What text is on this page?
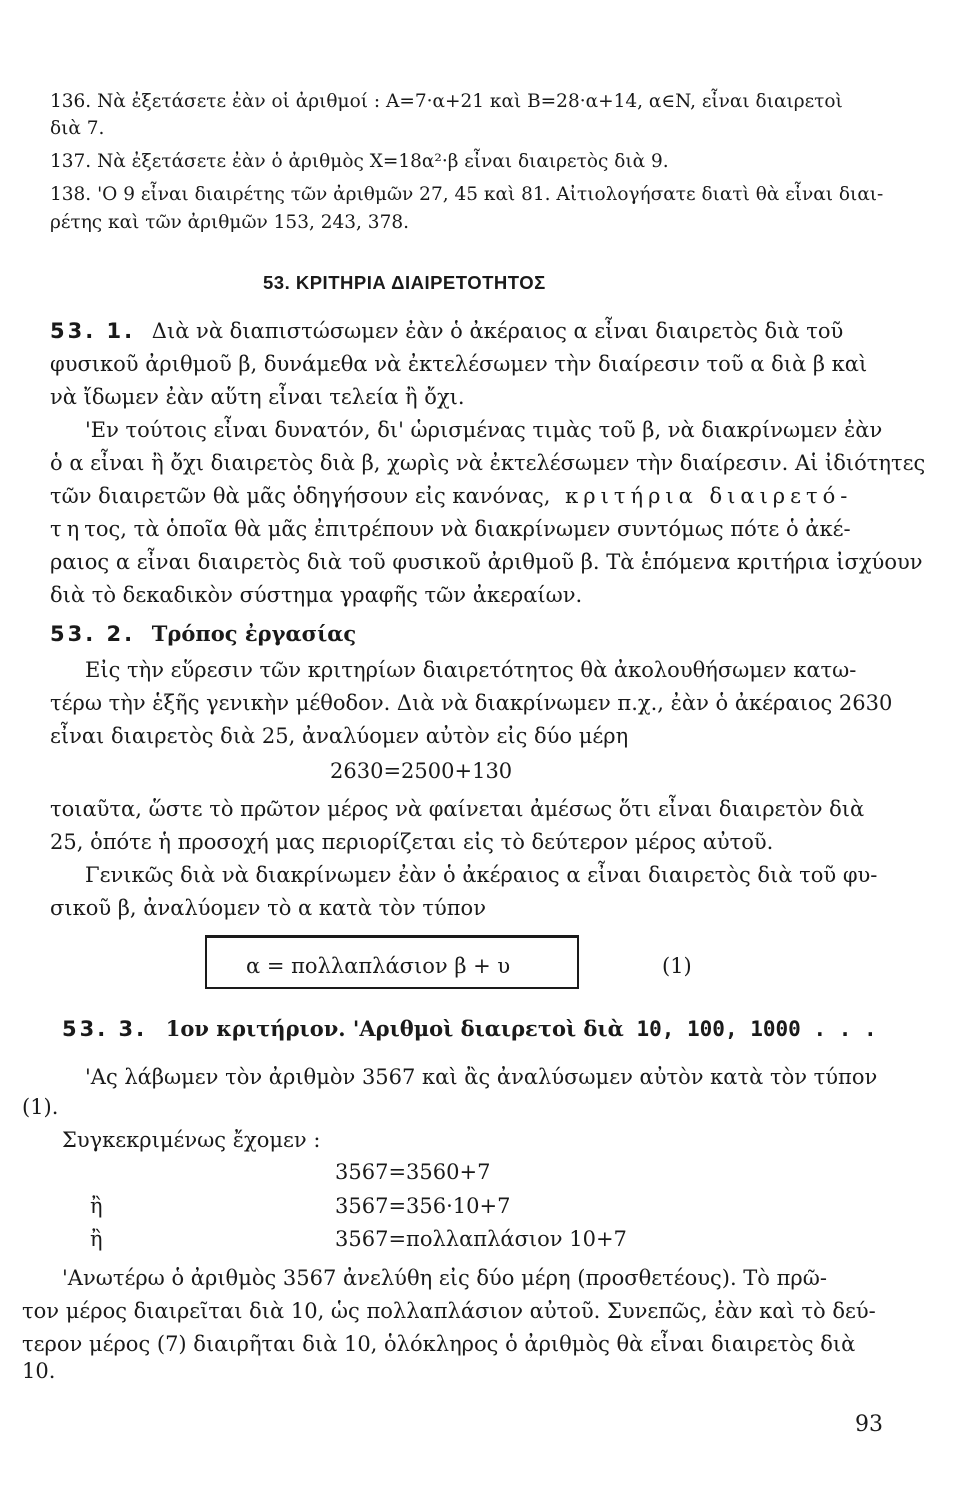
136. Νὰ ἐξετάσετε ἐὰν οἱ ἀριθμοί : A=7·α+21 καὶ B=28·α+14, α∈N, εἶναι διαιρετοὶ
διὰ 7.
137. Νὰ ἐξετάσετε ἐὰν ὁ ἀριθμὸς X=18α²·β εἶναι διαιρετὸς διὰ 9.
138. 'Ο 9 εἶναι διαιρέτης τῶν ἀριθμῶν 27, 45 καὶ 81. Αἰτιολογήσατε διατὶ θὰ εἶναι διαι-
ρέτης καὶ τῶν ἀριθμῶν 153, 243, 378.
53. ΚΡΙΤΗΡΙΑ ΔΙΑΙΡΕΤΟΤΗΤΟΣ
53. 1. Διὰ νὰ διαπιστώσωμεν ἐὰν ὁ ἀκέραιος α εἶναι διαιρετὸς διὰ τοῦ
φυσικοῦ ἀριθμοῦ β, δυνάμεθα νὰ ἐκτελέσωμεν τὴν διαίρεσιν τοῦ α διὰ β καὶ
νὰ ἴδωμεν ἐὰν αὕτη εἶναι τελεία ἢ ὄχι.
'Εν τούτοις εἶναι δυνατόν, δι' ὡρισμένας τιμὰς τοῦ β, νὰ διακρίνωμεν ἐὰν
ὁ α εἶναι ἢ ὄχι διαιρετὸς διὰ β, χωρὶς νὰ ἐκτελέσωμεν τὴν διαίρεσιν. Αἱ ἰδιότητες
τῶν διαιρετῶν θὰ μᾶς ὁδηγήσουν εἰς κανόνας, κριτήρια διαιρετό-
τητος, τὰ ὁποῖα θὰ μᾶς ἐπιτρέπουν νὰ διακρίνωμεν συντόμως πότε ὁ ἀκέ-
ραιος α εἶναι διαιρετὸς διὰ τοῦ φυσικοῦ ἀριθμοῦ β. Τὰ ἑπόμενα κριτήρια ἰσχύουν
διὰ τὸ δεκαδικὸν σύστημα γραφῆς τῶν ἀκεραίων.
53. 2. Τρόπος ἐργασίας
Εἰς τὴν εὕρεσιν τῶν κριτηρίων διαιρετότητος θὰ ἀκολουθήσωμεν κατω-
τέρω τὴν ἑξῆς γενικὴν μέθοδον. Διὰ νὰ διακρίνωμεν π.χ., ἐὰν ὁ ἀκέραιος 2630
εἶναι διαιρετὸς διὰ 25, ἀναλύομεν αὐτὸν εἰς δύο μέρη
2630=2500+130
τοιαῦτα, ὥστε τὸ πρῶτον μέρος νὰ φαίνεται ἀμέσως ὅτι εἶναι διαιρετὸν διὰ
25, ὁπότε ἡ προσοχή μας περιορίζεται εἰς τὸ δεύτερον μέρος αὐτοῦ.
Γενικῶς διὰ νὰ διακρίνωμεν ἐὰν ὁ ἀκέραιος α εἶναι διαιρετὸς διὰ τοῦ φυ-
σικοῦ β, ἀναλύομεν τὸ α κατὰ τὸν τύπον
α = πολλαπλάσιον β + υ	(1)
53. 3. 1ον κριτήριον. 'Αριθμοὶ διαιρετοὶ διὰ 10, 100, 1000 . . .
'Ας λάβωμεν τὸν ἀριθμὸν 3567 καὶ ἂς ἀναλύσωμεν αὐτὸν κατὰ τὸν τύπον
(1).
Συγκεκριμένως ἔχομεν :
3567=3560+7
ἢ	3567=356·10+7
ἢ	3567=πολλαπλάσιον 10+7
'Ανωτέρω ὁ ἀριθμὸς 3567 ἀνελύθη εἰς δύο μέρη (προσθετέους). Τὸ πρῶ-
τον μέρος διαιρεῖται διὰ 10, ὡς πολλαπλάσιον αὐτοῦ. Συνεπῶς, ἐὰν καὶ τὸ δεύ-
τερον μέρος (7) διαιρῆται διὰ 10, ὁλόκληρος ὁ ἀριθμὸς θὰ εἶναι διαιρετὸς διὰ
10.
93
